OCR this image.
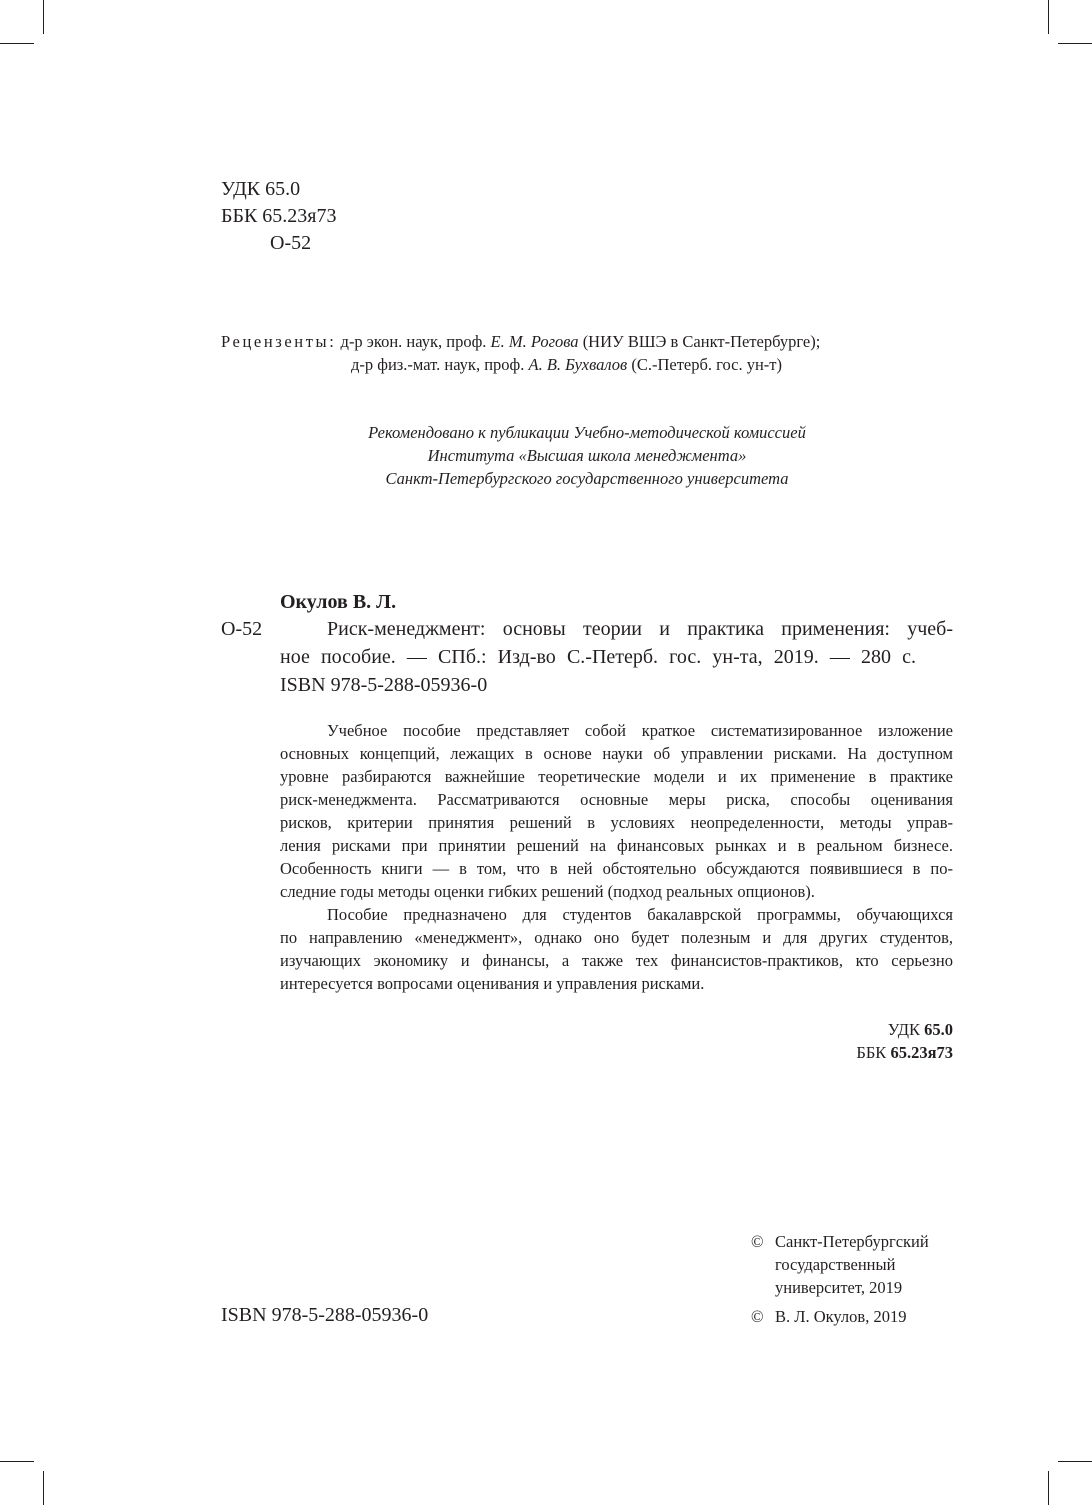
УДК 65.0
ББК 65.23я73
О-52
Рецензенты: д-р экон. наук, проф. Е. М. Рогова (НИУ ВШЭ в Санкт-Петербурге);
д-р физ.-мат. наук, проф. А. В. Бухвалов (С.-Петерб. гос. ун-т)
Рекомендовано к публикации Учебно-методической комиссией
Института «Высшая школа менеджмента»
Санкт-Петербургского государственного университета
Окулов В. Л.
О-52	Риск-менеджмент: основы теории и практика применения: учеб-
ное пособие. — СПб.: Изд-во С.-Петерб. гос. ун-та, 2019. — 280 с.
ISBN 978-5-288-05936-0
Учебное пособие представляет собой краткое систематизированное изложение
основных концепций, лежащих в основе науки об управлении рисками. На доступном
уровне разбираются важнейшие теоретические модели и их применение в практике
риск-менеджмента. Рассматриваются основные меры риска, способы оценивания
рисков, критерии принятия решений в условиях неопределенности, методы управ-
ления рисками при принятии решений на финансовых рынках и в реальном бизнесе.
Особенность книги — в том, что в ней обстоятельно обсуждаются появившиеся в по-
следние годы методы оценки гибких решений (подход реальных опционов).
Пособие предназначено для студентов бакалаврской программы, обучающихся
по направлению «менеджмент», однако оно будет полезным и для других студентов,
изучающих экономику и финансы, а также тех финансистов-практиков, кто серьезно
интересуется вопросами оценивания и управления рисками.
УДК 65.0
ББК 65.23я73
ISBN 978-5-288-05936-0
© Санкт-Петербургский
государственный
университет, 2019
© В. Л. Окулов, 2019
